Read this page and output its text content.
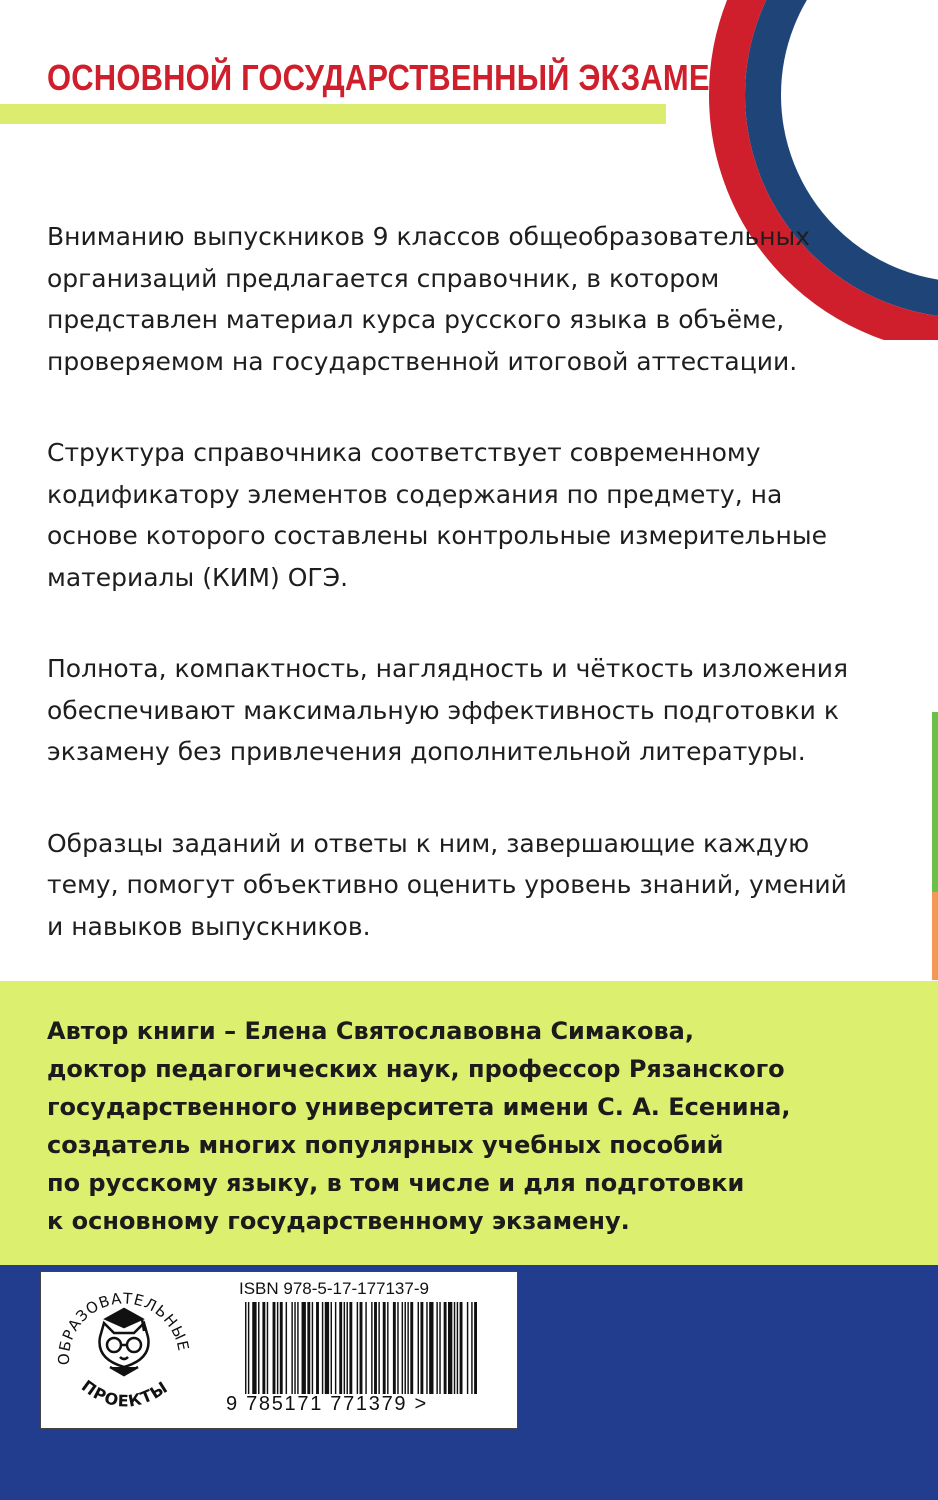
ОСНОВНОЙ ГОСУДАРСТВЕННЫЙ ЭКЗАМЕН

Вниманию выпускников 9 классов общеобразовательных организаций предлагается справочник, в котором представлен материал курса русского языка в объёме, проверяемом на государственной итоговой аттестации.

Структура справочника соответствует современному кодификатору элементов содержания по предмету, на основе которого составлены контрольные измерительные материалы (КИМ) ОГЭ.

Полнота, компактность, наглядность и чёткость изложения обеспечивают максимальную эффективность подготовки к экзамену без привлечения дополнительной литературы.

Образцы заданий и ответы к ним, завершающие каждую тему, помогут объективно оценить уровень знаний, умений и навыков выпускников.

Автор книги – Елена Святославовна Симакова,
доктор педагогических наук, профессор Рязанского
государственного университета имени С. А. Есенина,
создатель многих популярных учебных пособий
по русскому языку, в том числе и для подготовки
к основному государственному экзамену.
ОБРАЗОВАТЕЛЬНЫЕ
ПРОЕКТЫ
ISBN 978-5-17-177137-9
9 785171 771379 >
